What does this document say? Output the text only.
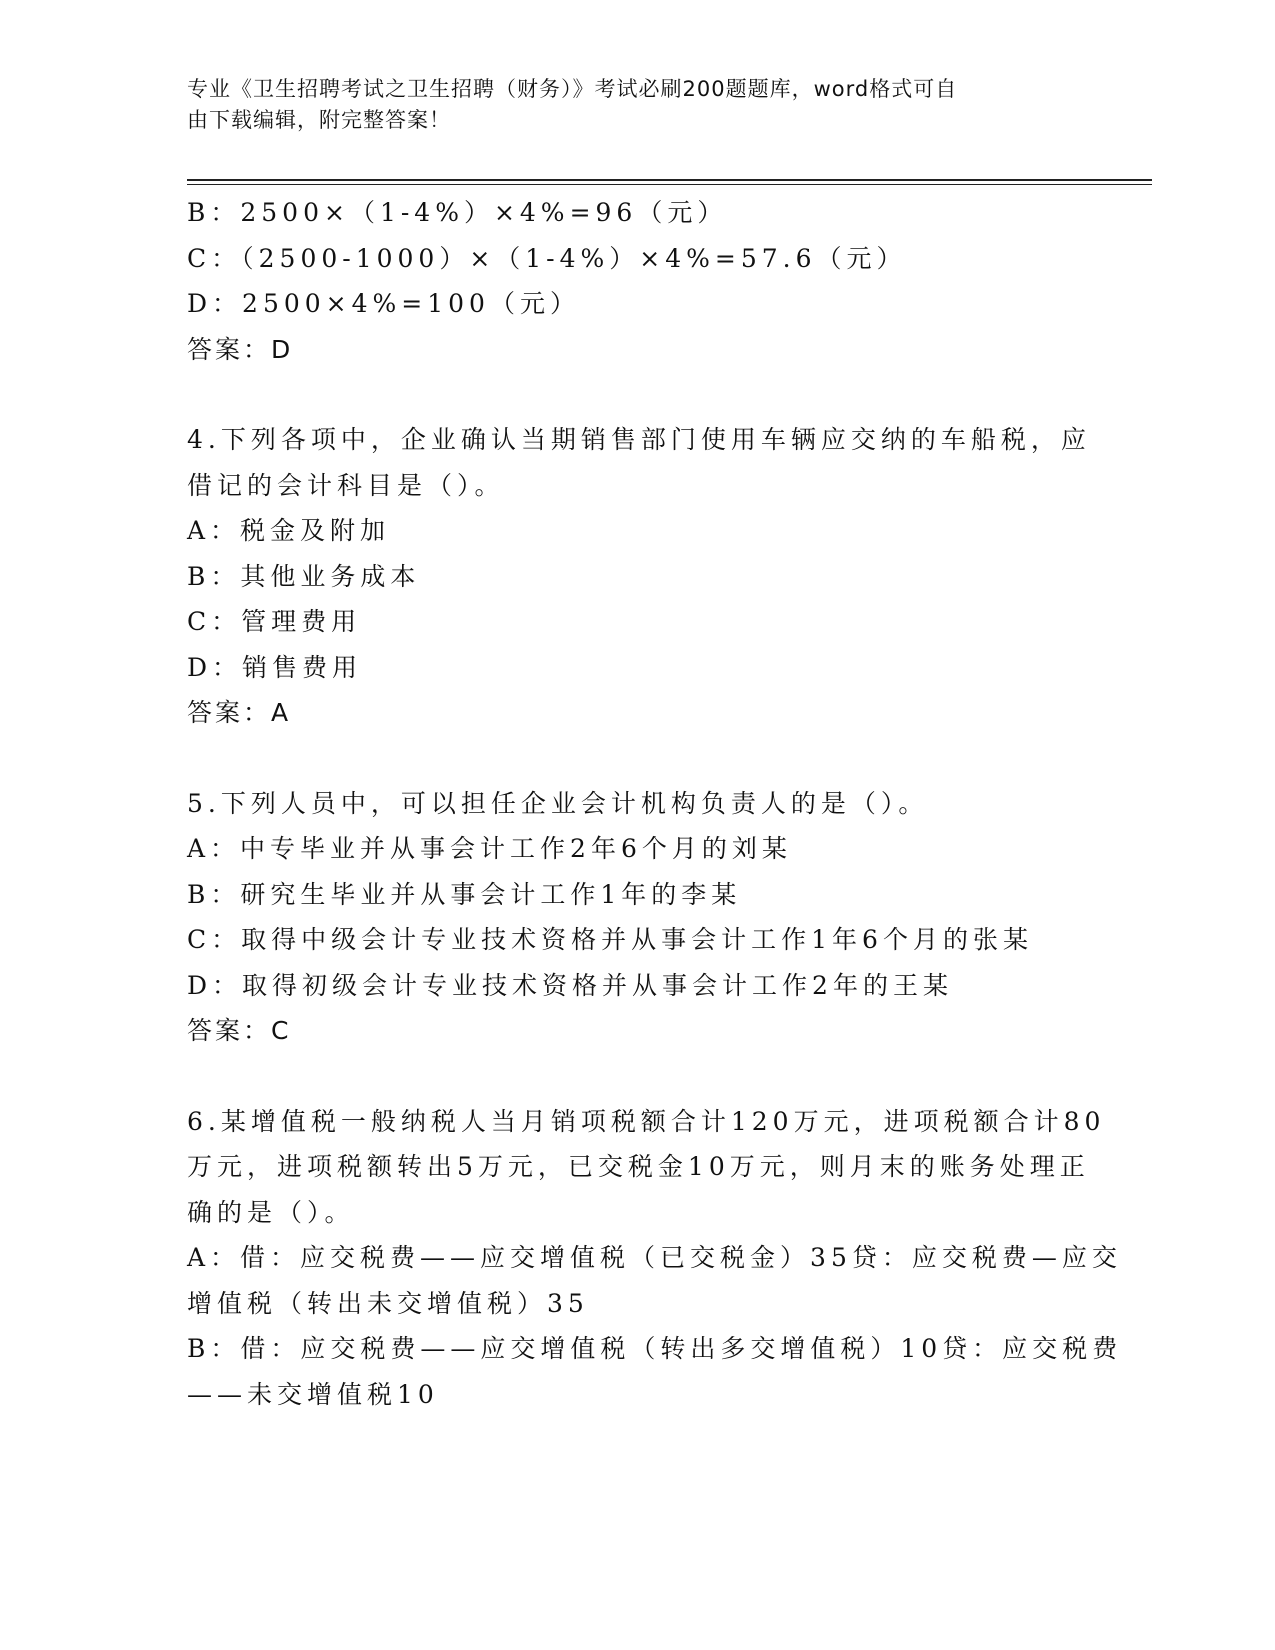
专业《卫生招聘考试之卫生招聘（财务）》考试必刷200题题库，word格式可自
由下载编辑，附完整答案！
B：2500×（1-4%）×4%=96（元）
C：（2500-1000）×（1-4%）×4%=57.6（元）
D：2500×4%=100（元）
答案：D
4.下列各项中，企业确认当期销售部门使用车辆应交纳的车船税，应
借记的会计科目是（）。
A：税金及附加
B：其他业务成本
C：管理费用
D：销售费用
答案：A
5.下列人员中，可以担任企业会计机构负责人的是（）。
A：中专毕业并从事会计工作2年6个月的刘某
B：研究生毕业并从事会计工作1年的李某
C：取得中级会计专业技术资格并从事会计工作1年6个月的张某
D：取得初级会计专业技术资格并从事会计工作2年的王某
答案：C
6.某增值税一般纳税人当月销项税额合计120万元，进项税额合计80
万元，进项税额转出5万元，已交税金10万元，则月末的账务处理正
确的是（）。
A：借：应交税费——应交增值税（已交税金）35贷：应交税费—应交
增值税（转出未交增值税）35
B：借：应交税费——应交增值税（转出多交增值税）10贷：应交税费
——未交增值税10
